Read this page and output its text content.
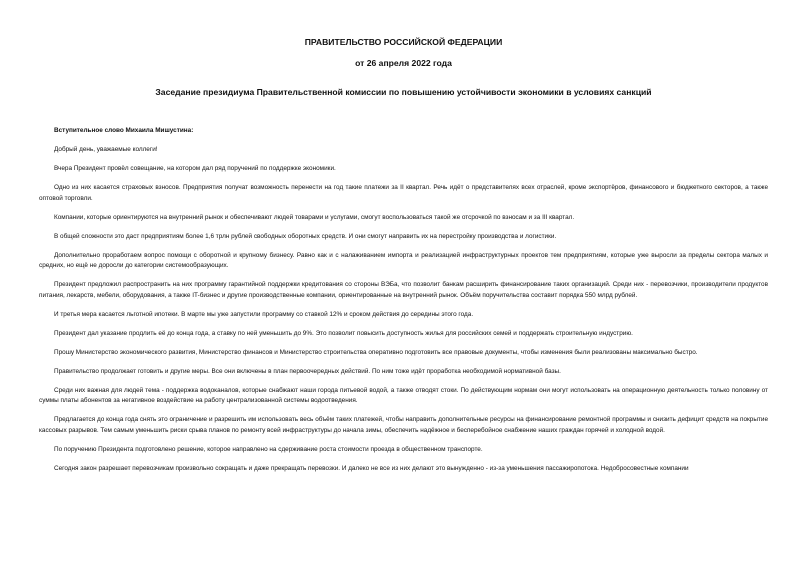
ПРАВИТЕЛЬСТВО РОССИЙСКОЙ ФЕДЕРАЦИИ
от 26 апреля 2022 года
Заседание президиума Правительственной комиссии по повышению устойчивости экономики в условиях санкций

Вступительное слово Михаила Мишустина:

Добрый день, уважаемые коллеги!

Вчера Президент провёл совещание, на котором дал ряд поручений по поддержке экономики.

Одно из них касается страховых взносов. Предприятия получат возможность перенести на год такие платежи за II квартал. Речь идёт о представителях всех отраслей, кроме экспортёров, финансового и бюджетного секторов, а также оптовой торговли.

Компании, которые ориентируются на внутренний рынок и обеспечивают людей товарами и услугами, смогут воспользоваться такой же отсрочкой по взносам и за III квартал.

В общей сложности это даст предприятиям более 1,6 трлн рублей свободных оборотных средств. И они смогут направить их на перестройку производства и логистики.

Дополнительно проработаем вопрос помощи с оборотной и крупному бизнесу. Равно как и с налаживанием импорта и реализацией инфраструктурных проектов тем предприятиям, которые уже выросли за пределы сектора малых и средних, но ещё не доросли до категории системообразующих.

Президент предложил распространить на них программу гарантийной поддержки кредитования со стороны ВЭБа, что позволит банкам расширить финансирование таких организаций. Среди них - перевозчики, производители продуктов питания, лекарств, мебели, оборудования, а также IT-бизнес и другие производственные компании, ориентированные на внутренний рынок. Объём поручительства составит порядка 550 млрд рублей.

И третья мера касается льготной ипотеки. В марте мы уже запустили программу со ставкой 12% и сроком действия до середины этого года.

Президент дал указание продлить её до конца года, а ставку по ней уменьшить до 9%. Это позволит повысить доступность жилья для российских семей и поддержать строительную индустрию.

Прошу Министерство экономического развития, Министерство финансов и Министерство строительства оперативно подготовить все правовые документы, чтобы изменения были реализованы максимально быстро.

Правительство продолжает готовить и другие меры. Все они включены в план первоочередных действий. По ним тоже идёт проработка необходимой нормативной базы.

Среди них важная для людей тема - поддержка водоканалов, которые снабжают наши города питьевой водой, а также отводят стоки. По действующим нормам они могут использовать на операционную деятельность только половину от суммы платы абонентов за негативное воздействие на работу централизованной системы водоотведения.

Предлагается до конца года снять это ограничение и разрешить им использовать весь объём таких платежей, чтобы направить дополнительные ресурсы на финансирование ремонтной программы и снизить дефицит средств на покрытие кассовых разрывов. Тем самым уменьшить риски срыва планов по ремонту всей инфраструктуры до начала зимы, обеспечить надёжное и бесперебойное снабжение наших граждан горячей и холодной водой.

По поручению Президента подготовлено решение, которое направлено на сдерживание роста стоимости проезда в общественном транспорте.

Сегодня закон разрешает перевозчикам произвольно сокращать и даже прекращать перевозки. И далеко не все из них делают это вынужденно - из-за уменьшения пассажиропотока. Недобросовестные компании
